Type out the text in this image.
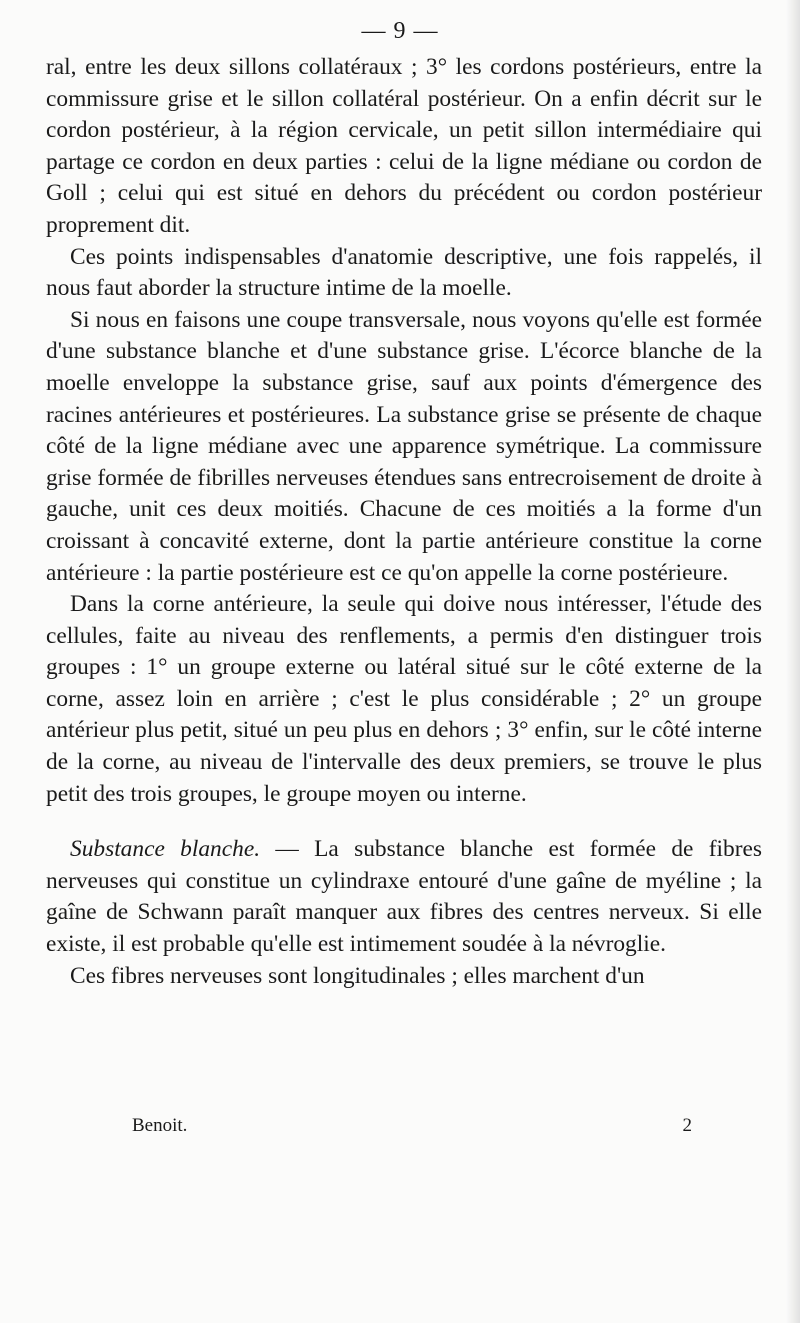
— 9 —

ral, entre les deux sillons collatéraux ; 3° les cordons postérieurs, entre la commissure grise et le sillon collatéral postérieur. On a enfin décrit sur le cordon postérieur, à la région cervicale, un petit sillon intermédiaire qui partage ce cordon en deux parties : celui de la ligne médiane ou cordon de Goll ; celui qui est situé en dehors du précédent ou cordon postérieur proprement dit.

Ces points indispensables d'anatomie descriptive, une fois rappelés, il nous faut aborder la structure intime de la moelle.

Si nous en faisons une coupe transversale, nous voyons qu'elle est formée d'une substance blanche et d'une substance grise. L'écorce blanche de la moelle enveloppe la substance grise, sauf aux points d'émergence des racines antérieures et postérieures. La substance grise se présente de chaque côté de la ligne médiane avec une apparence symétrique. La commissure grise formée de fibrilles nerveuses étendues sans entrecroisement de droite à gauche, unit ces deux moitiés. Chacune de ces moitiés a la forme d'un croissant à concavité externe, dont la partie antérieure constitue la corne antérieure : la partie postérieure est ce qu'on appelle la corne postérieure.

Dans la corne antérieure, la seule qui doive nous intéresser, l'étude des cellules, faite au niveau des renflements, a permis d'en distinguer trois groupes : 1° un groupe externe ou latéral situé sur le côté externe de la corne, assez loin en arrière ; c'est le plus considérable ; 2° un groupe antérieur plus petit, situé un peu plus en dehors ; 3° enfin, sur le côté interne de la corne, au niveau de l'intervalle des deux premiers, se trouve le plus petit des trois groupes, le groupe moyen ou interne.

Substance blanche. — La substance blanche est formée de fibres nerveuses qui constitue un cylindraxe entouré d'une gaîne de myéline ; la gaîne de Schwann paraît manquer aux fibres des centres nerveux. Si elle existe, il est probable qu'elle est intimement soudée à la névroglie.

Ces fibres nerveuses sont longitudinales ; elles marchent d'un

Benoit.	2
